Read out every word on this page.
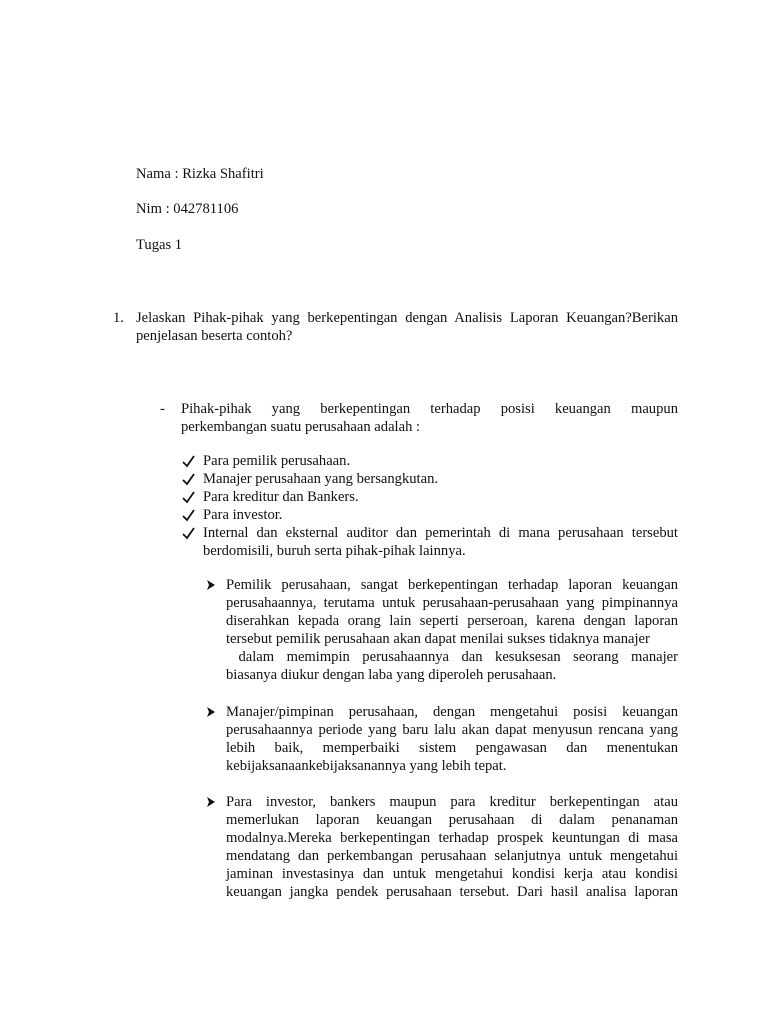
Nama : Rizka Shafitri
Nim : 042781106
Tugas 1
1. Jelaskan Pihak-pihak yang berkepentingan dengan Analisis Laporan Keuangan?Berikan
penjelasan beserta contoh?
- Pihak-pihak yang berkepentingan terhadap posisi keuangan maupun
perkembangan suatu perusahaan adalah :
Para pemilik perusahaan.
Manajer perusahaan yang bersangkutan.
Para kreditur dan Bankers.
Para investor.
Internal dan eksternal auditor dan pemerintah di mana perusahaan tersebut
berdomisili, buruh serta pihak-pihak lainnya.
Pemilik perusahaan, sangat berkepentingan terhadap laporan keuangan
perusahaannya, terutama untuk perusahaan-perusahaan yang pimpinannya
diserahkan kepada orang lain seperti perseroan, karena dengan laporan
tersebut pemilik perusahaan akan dapat menilai sukses tidaknya manajer
dalam memimpin perusahaannya dan kesuksesan seorang manajer
biasanya diukur dengan laba yang diperoleh perusahaan.
Manajer/pimpinan perusahaan, dengan mengetahui posisi keuangan
perusahaannya periode yang baru lalu akan dapat menyusun rencana yang
lebih baik, memperbaiki sistem pengawasan dan menentukan
kebijaksanaankebijaksanannya yang lebih tepat.
Para investor, bankers maupun para kreditur berkepentingan atau
memerlukan laporan keuangan perusahaan di dalam penanaman
modalnya.Mereka berkepentingan terhadap prospek keuntungan di masa
mendatang dan perkembangan perusahaan selanjutnya untuk mengetahui
jaminan investasinya dan untuk mengetahui kondisi kerja atau kondisi
keuangan jangka pendek perusahaan tersebut. Dari hasil analisa laporan
